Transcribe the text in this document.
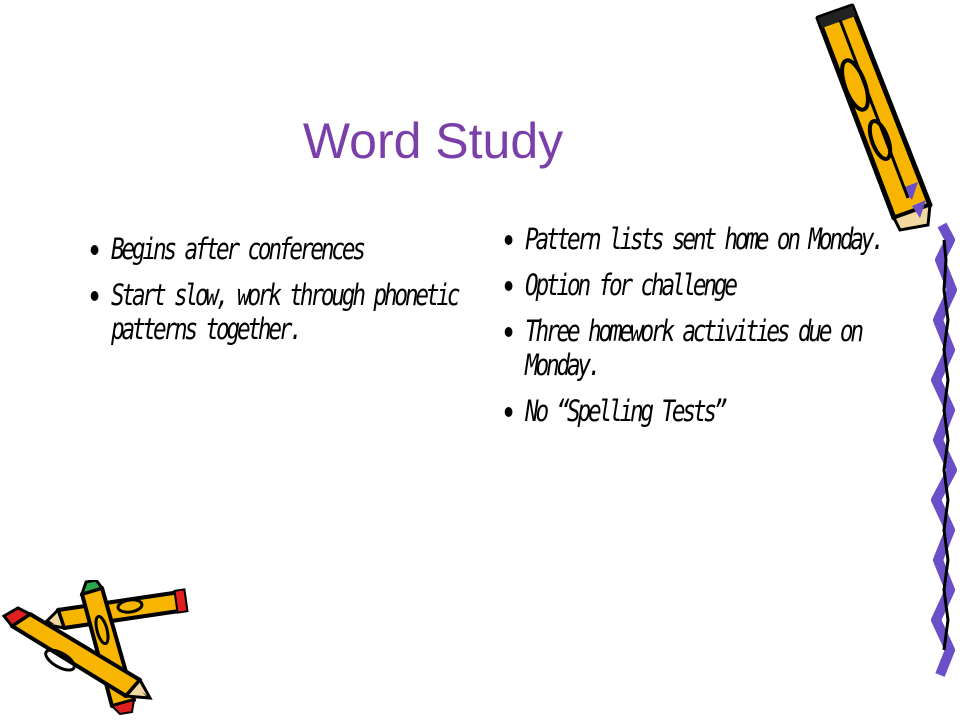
Word Study
Begins after conferences
Start slow, work through phonetic patterns together.
Pattern lists sent home on Monday.
Option for challenge
Three homework activities due on Monday.
No “Spelling Tests”
